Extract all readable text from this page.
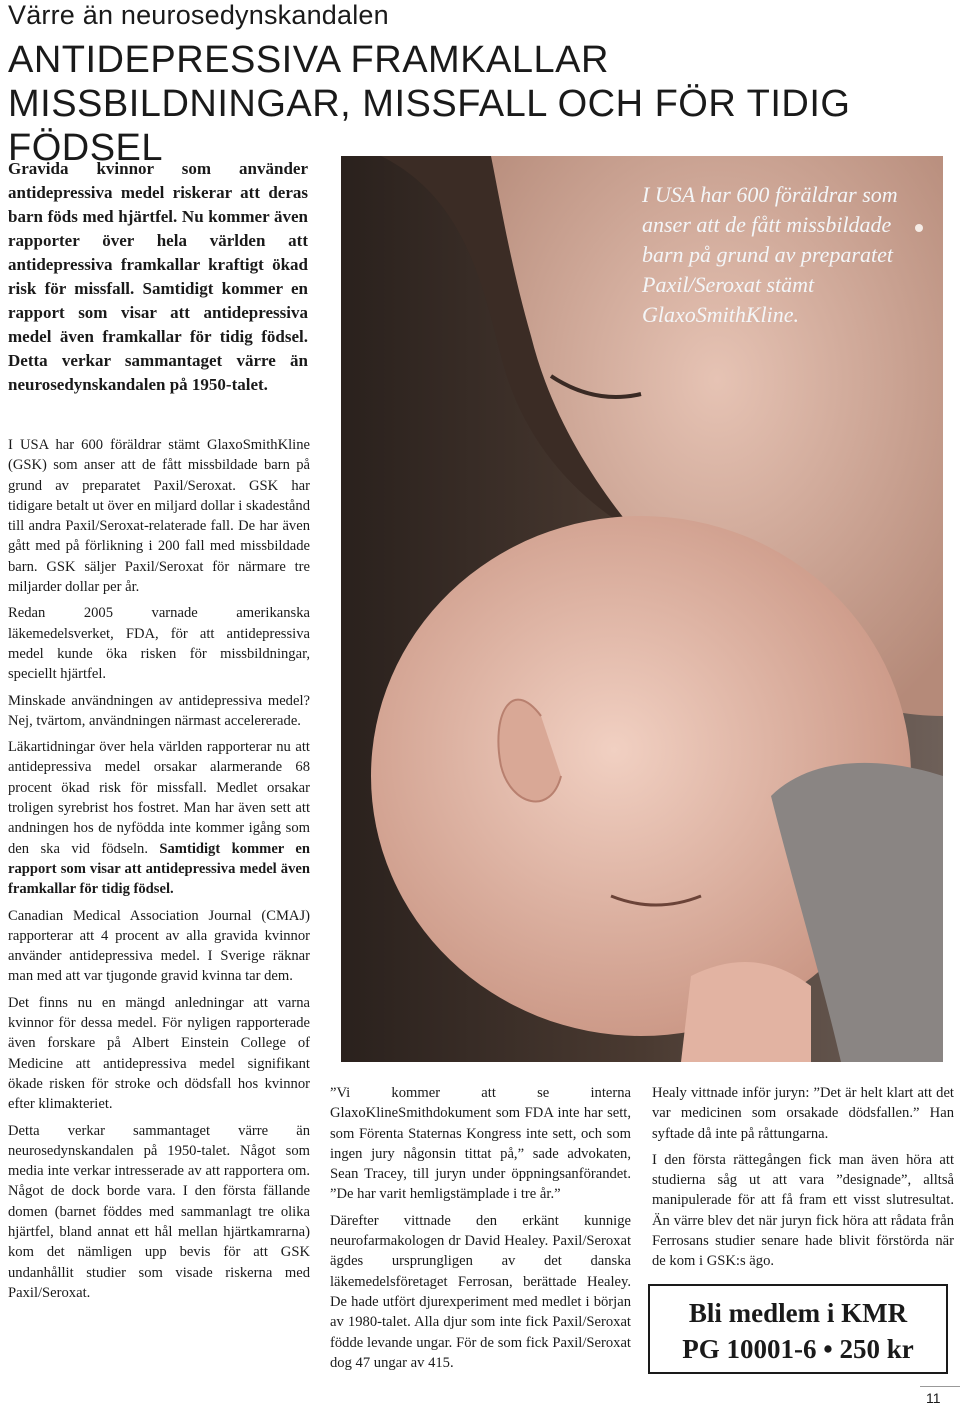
Värre än neurosedynskandalen
ANTIDEPRESSIVA FRAMKALLAR MISSBILDNINGAR, MISSFALL OCH FÖR TIDIG FÖDSEL
Gravida kvinnor som använder antidepressiva medel riskerar att deras barn föds med hjärtfel. Nu kommer även rapporter över hela världen att antidepressiva framkallar kraftigt ökad risk för missfall. Samtidigt kommer en rapport som visar att antidepressiva medel även framkallar för tidig födsel. Detta verkar sammantaget värre än neurosedynskandalen på 1950-talet.

I USA har 600 föräldrar stämt GlaxoSmithKline (GSK) som anser att de fått missbildade barn på grund av preparatet Paxil/Seroxat. GSK har tidigare betalt ut över en miljard dollar i skadestånd till andra Paxil/Seroxat-relaterade fall. De har även gått med på förlikning i 200 fall med missbildade barn. GSK säljer Paxil/Seroxat för närmare tre miljarder dollar per år.

Redan 2005 varnade amerikanska läkemedelsverket, FDA, för att antidepressiva medel kunde öka risken för missbildningar, speciellt hjärtfel.

Minskade användningen av antidepressiva medel? Nej, tvärtom, användningen närmast accelererade.

Läkartidningar över hela världen rapporterar nu att antidepressiva medel orsakar alarmerande 68 procent ökad risk för missfall. Medlet orsakar troligen syrebrist hos fostret. Man har även sett att andningen hos de nyfödda inte kommer igång som den ska vid födseln. Samtidigt kommer en rapport som visar att antidepressiva medel även framkallar för tidig födsel.

Canadian Medical Association Journal (CMAJ) rapporterar att 4 procent av alla gravida kvinnor använder antidepressiva medel. I Sverige räknar man med att var tjugonde gravid kvinna tar dem.

Det finns nu en mängd anledningar att varna kvinnor för dessa medel. För nyligen rapporterade även forskare på Albert Einstein College of Medicine att antidepressiva medel signifikant ökade risken för stroke och dödsfall hos kvinnor efter klimakteriet.

Detta verkar sammantaget värre än neurosedynskandalen på 1950-talet. Något som media inte verkar intresserade av att rapportera om. Något de dock borde vara. I den första fällande domen (barnet föddes med sammanlagt tre olika hjärtfel, bland annat ett hål mellan hjärtkamrarna) kom det nämligen upp bevis för att GSK undanhållit studier som visade riskerna med Paxil/Seroxat.

I USA har 600 föräldrar som anser att de fått missbildade barn på grund av preparatet Paxil/Seroxat stämt GlaxoSmithKline.

”Vi kommer att se interna GlaxoKlineSmithdokument som FDA inte har sett, som Förenta Staternas Kongress inte sett, och som ingen jury någonsin tittat på,” sade advokaten, Sean Tracey, till juryn under öppningsanförandet. ”De har varit hemligstämplade i tre år.”

Därefter vittnade den erkänt kunnige neurofarmakologen dr David Healey. Paxil/Seroxat ägdes ursprungligen av det danska läkemedelsföretaget Ferrosan, berättade Healey. De hade utfört djurexperiment med medlet i början av 1980-talet. Alla djur som inte fick Paxil/Seroxat födde levande ungar. För de som fick Paxil/Seroxat dog 47 ungar av 415.

Healy vittnade inför juryn: ”Det är helt klart att det var medicinen som orsakade dödsfallen.” Han syftade då inte på råttungarna.

I den första rättegången fick man även höra att studierna såg ut att vara ”designade”, alltså manipulerade för att få fram ett visst slutresultat. Än värre blev det när juryn fick höra att rådata från Ferrosans studier senare hade blivit förstörda när de kom i GSK:s ägo.

Bli medlem i KMR
PG 10001-6 • 250 kr
11
